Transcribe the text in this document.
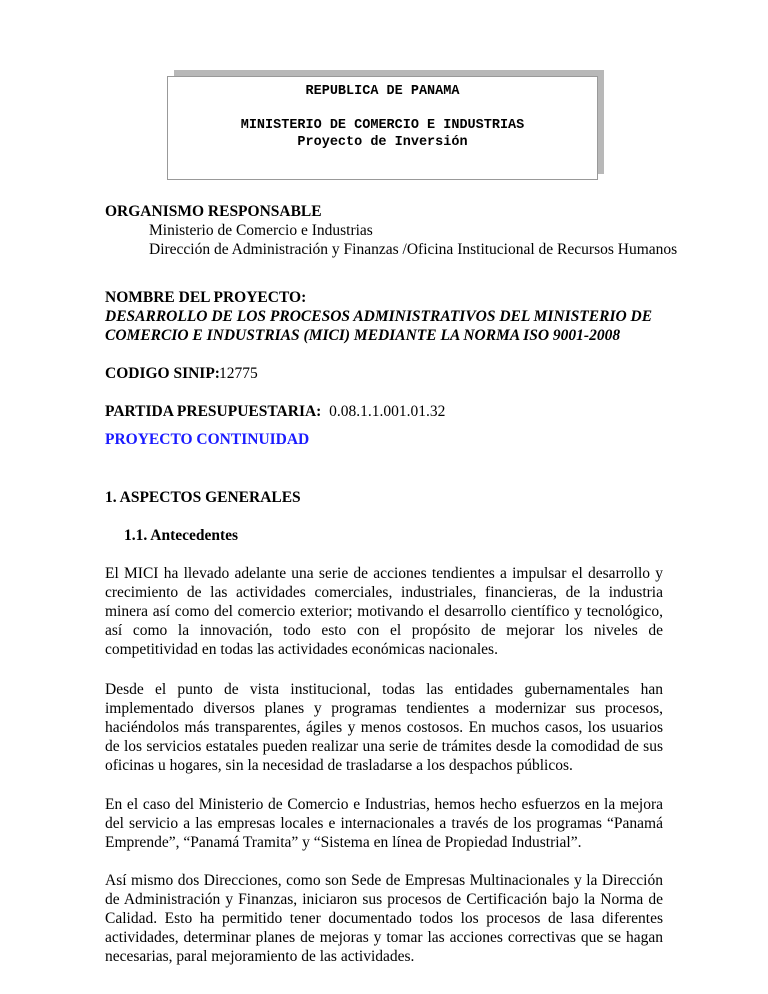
REPUBLICA DE PANAMA
MINISTERIO DE COMERCIO E INDUSTRIAS
Proyecto de Inversión
ORGANISMO RESPONSABLE
Ministerio de Comercio e Industrias
Dirección de Administración y Finanzas /Oficina Institucional de Recursos Humanos
NOMBRE DEL PROYECTO:
DESARROLLO DE LOS PROCESOS ADMINISTRATIVOS DEL MINISTERIO DE
COMERCIO E INDUSTRIAS (MICI) MEDIANTE LA NORMA ISO 9001-2008
CODIGO SINIP: 12775
PARTIDA PRESUPUESTARIA: 0.08.1.1.001.01.32
PROYECTO CONTINUIDAD
1. ASPECTOS GENERALES
1.1. Antecedentes
El MICI ha llevado adelante una serie de acciones tendientes a impulsar el desarrollo y crecimiento de las actividades comerciales, industriales, financieras, de la industria minera así como del comercio exterior; motivando el desarrollo científico y tecnológico, así como la innovación, todo esto con el propósito de mejorar los niveles de competitividad en todas las actividades económicas nacionales.
Desde el punto de vista institucional, todas las entidades gubernamentales han implementado diversos planes y programas tendientes a modernizar sus procesos, haciéndolos más transparentes, ágiles y menos costosos. En muchos casos, los usuarios de los servicios estatales pueden realizar una serie de trámites desde la comodidad de sus oficinas u hogares, sin la necesidad de trasladarse a los despachos públicos.
En el caso del Ministerio de Comercio e Industrias, hemos hecho esfuerzos en la mejora del servicio a las empresas locales e internacionales a través de los programas “Panamá Emprende”, “Panamá Tramita” y “Sistema en línea de Propiedad Industrial”.
Así mismo dos Direcciones, como son Sede de Empresas Multinacionales y la Dirección de Administración y Finanzas, iniciaron sus procesos de Certificación bajo la Norma de Calidad. Esto ha permitido tener documentado todos los procesos de lasa diferentes actividades, determinar planes de mejoras y tomar las acciones correctivas que se hagan necesarias, paral mejoramiento de las actividades.
